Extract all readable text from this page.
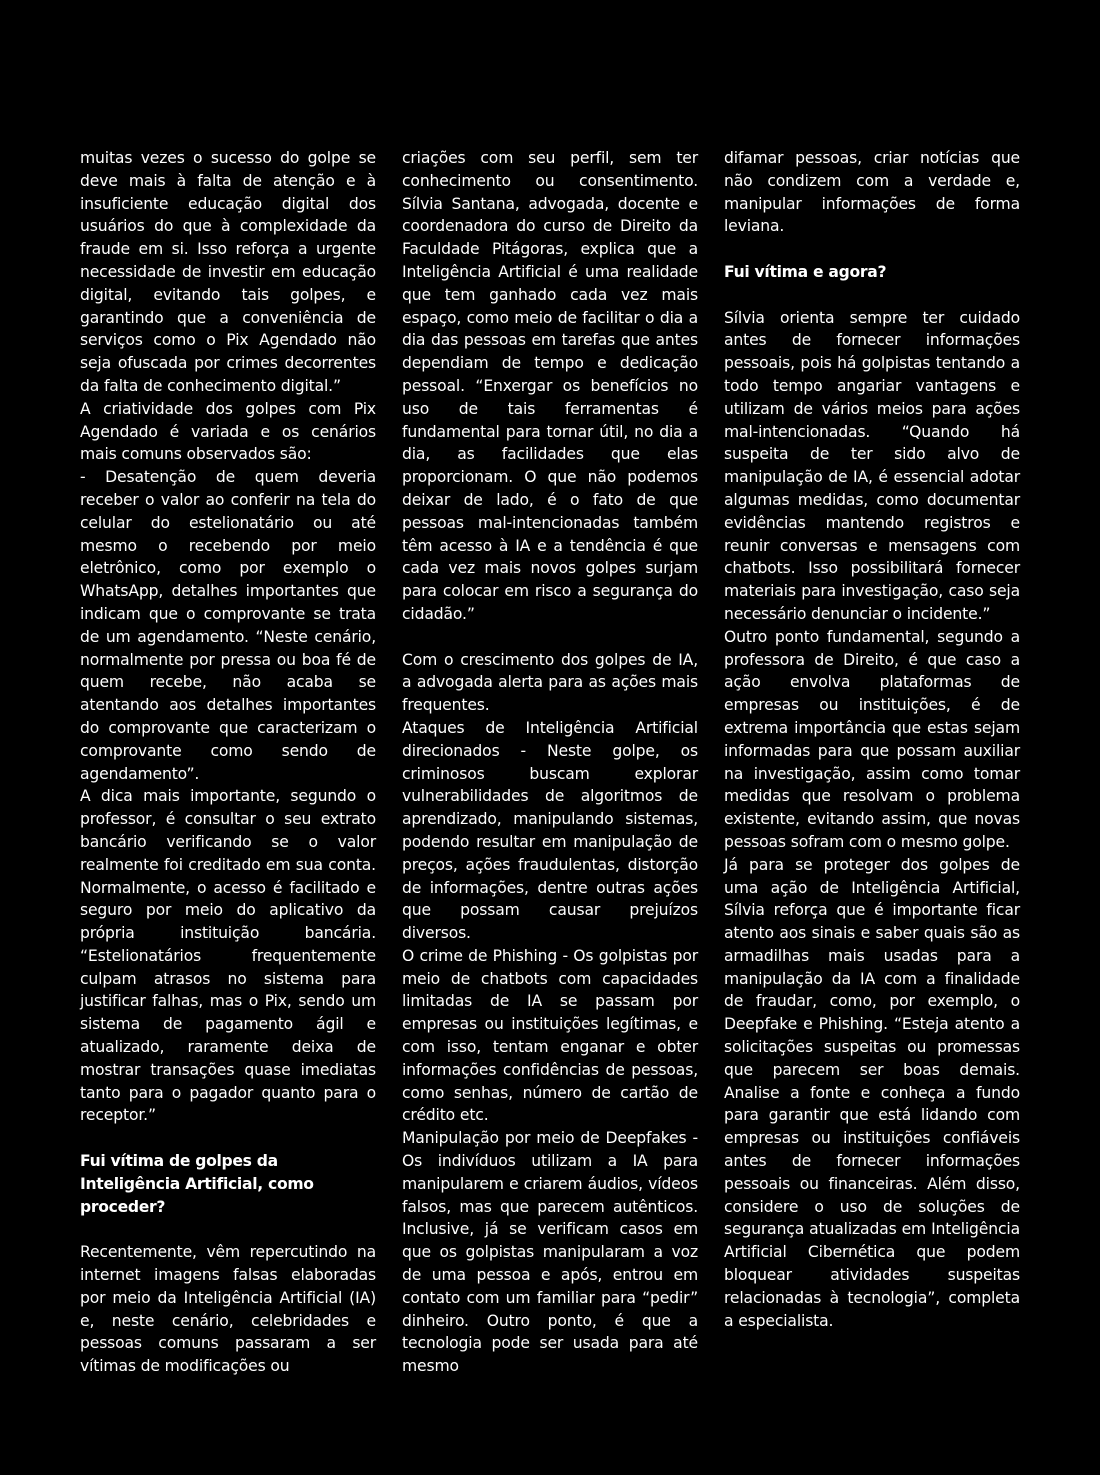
muitas vezes o sucesso do golpe se deve mais à falta de atenção e à insuficiente educação digital dos usuários do que à complexidade da fraude em si. Isso reforça a urgente necessidade de investir em educação digital, evitando tais golpes, e garantindo que a conveniência de serviços como o Pix Agendado não seja ofuscada por crimes decorrentes da falta de conhecimento digital.”

A criatividade dos golpes com Pix Agendado é variada e os cenários mais comuns observados são:

- Desatenção de quem deveria receber o valor ao conferir na tela do celular do estelionatário ou até mesmo o recebendo por meio eletrônico, como por exemplo o WhatsApp, detalhes importantes que indicam que o comprovante se trata de um agendamento. “Neste cenário, normalmente por pressa ou boa fé de quem recebe, não acaba se atentando aos detalhes importantes do comprovante que caracterizam o comprovante como sendo de agendamento”.

A dica mais importante, segundo o professor, é consultar o seu extrato bancário verificando se o valor realmente foi creditado em sua conta. Normalmente, o acesso é facilitado e seguro por meio do aplicativo da própria instituição bancária. “Estelionatários frequentemente culpam atrasos no sistema para justificar falhas, mas o Pix, sendo um sistema de pagamento ágil e atualizado, raramente deixa de mostrar transações quase imediatas tanto para o pagador quanto para o receptor.”

Fui vítima de golpes da Inteligência Artificial, como proceder?

Recentemente, vêm repercutindo na internet imagens falsas elaboradas por meio da Inteligência Artificial (IA) e, neste cenário, celebridades e pessoas comuns passaram a ser vítimas de modificações ou

criações com seu perfil, sem ter conhecimento ou consentimento. Sílvia Santana, advogada, docente e coordenadora do curso de Direito da Faculdade Pitágoras, explica que a Inteligência Artificial é uma realidade que tem ganhado cada vez mais espaço, como meio de facilitar o dia a dia das pessoas em tarefas que antes dependiam de tempo e dedicação pessoal. “Enxergar os benefícios no uso de tais ferramentas é fundamental para tornar útil, no dia a dia, as facilidades que elas proporcionam. O que não podemos deixar de lado, é o fato de que pessoas mal-intencionadas também têm acesso à IA e a tendência é que cada vez mais novos golpes surjam para colocar em risco a segurança do cidadão.”

Com o crescimento dos golpes de IA, a advogada alerta para as ações mais frequentes.

Ataques de Inteligência Artificial direcionados - Neste golpe, os criminosos buscam explorar vulnerabilidades de algoritmos de aprendizado, manipulando sistemas, podendo resultar em manipulação de preços, ações fraudulentas, distorção de informações, dentre outras ações que possam causar prejuízos diversos.

O crime de Phishing - Os golpistas por meio de chatbots com capacidades limitadas de IA se passam por empresas ou instituições legítimas, e com isso, tentam enganar e obter informações confidências de pessoas, como senhas, número de cartão de crédito etc.

Manipulação por meio de Deepfakes - Os indivíduos utilizam a IA para manipularem e criarem áudios, vídeos falsos, mas que parecem autênticos. Inclusive, já se verificam casos em que os golpistas manipularam a voz de uma pessoa e após, entrou em contato com um familiar para “pedir” dinheiro. Outro ponto, é que a tecnologia pode ser usada para até mesmo

difamar pessoas, criar notícias que não condizem com a verdade e, manipular informações de forma leviana.

Fui vítima e agora?

Sílvia orienta sempre ter cuidado antes de fornecer informações pessoais, pois há golpistas tentando a todo tempo angariar vantagens e utilizam de vários meios para ações mal-intencionadas. “Quando há suspeita de ter sido alvo de manipulação de IA, é essencial adotar algumas medidas, como documentar evidências mantendo registros e reunir conversas e mensagens com chatbots. Isso possibilitará fornecer materiais para investigação, caso seja necessário denunciar o incidente.”

Outro ponto fundamental, segundo a professora de Direito, é que caso a ação envolva plataformas de empresas ou instituições, é de extrema importância que estas sejam informadas para que possam auxiliar na investigação, assim como tomar medidas que resolvam o problema existente, evitando assim, que novas pessoas sofram com o mesmo golpe.

Já para se proteger dos golpes de uma ação de Inteligência Artificial, Sílvia reforça que é importante ficar atento aos sinais e saber quais são as armadilhas mais usadas para a manipulação da IA com a finalidade de fraudar, como, por exemplo, o Deepfake e Phishing. “Esteja atento a solicitações suspeitas ou promessas que parecem ser boas demais. Analise a fonte e conheça a fundo para garantir que está lidando com empresas ou instituições confiáveis antes de fornecer informações pessoais ou financeiras. Além disso, considere o uso de soluções de segurança atualizadas em Inteligência Artificial Cibernética que podem bloquear atividades suspeitas relacionadas à tecnologia”, completa a especialista.
